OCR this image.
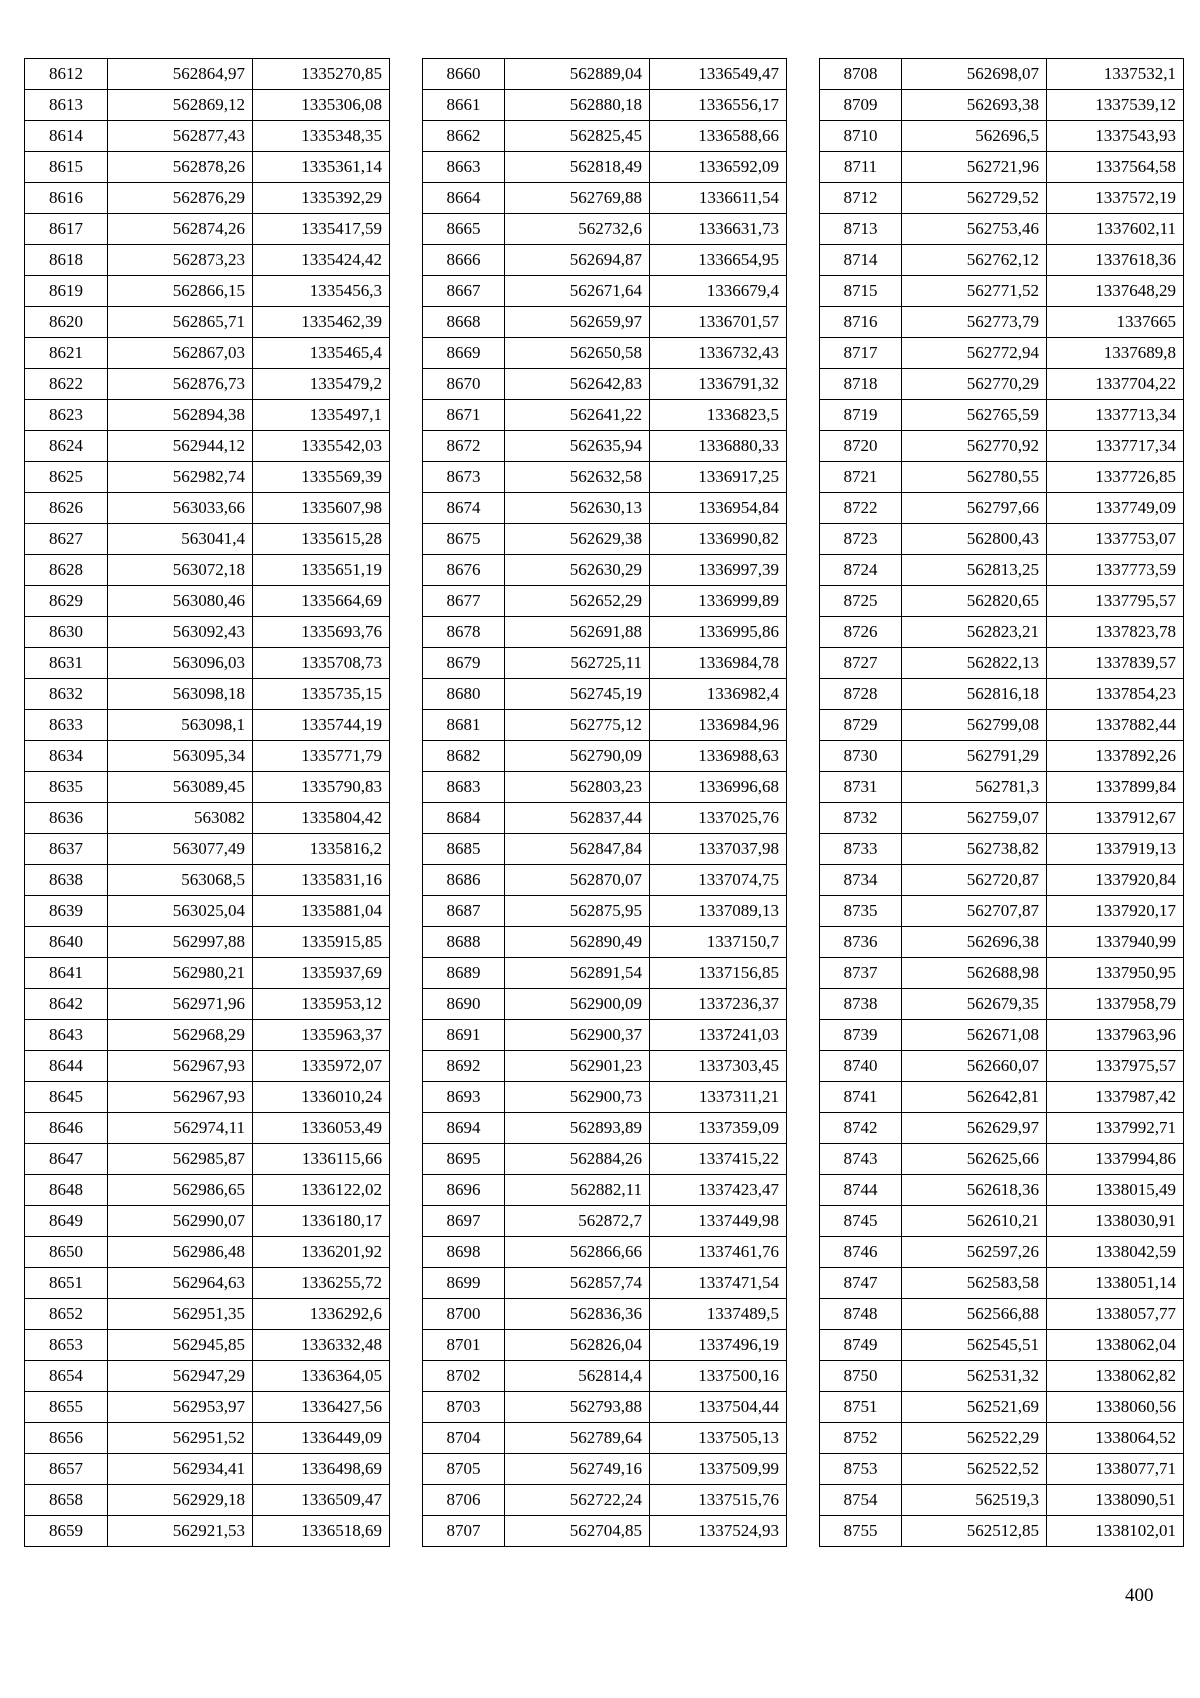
8612	562864,97	1335270,85
8613	562869,12	1335306,08
8614	562877,43	1335348,35
8615	562878,26	1335361,14
8616	562876,29	1335392,29
8617	562874,26	1335417,59
8618	562873,23	1335424,42
8619	562866,15	1335456,3
8620	562865,71	1335462,39
8621	562867,03	1335465,4
8622	562876,73	1335479,2
8623	562894,38	1335497,1
8624	562944,12	1335542,03
8625	562982,74	1335569,39
8626	563033,66	1335607,98
8627	563041,4	1335615,28
8628	563072,18	1335651,19
8629	563080,46	1335664,69
8630	563092,43	1335693,76
8631	563096,03	1335708,73
8632	563098,18	1335735,15
8633	563098,1	1335744,19
8634	563095,34	1335771,79
8635	563089,45	1335790,83
8636	563082	1335804,42
8637	563077,49	1335816,2
8638	563068,5	1335831,16
8639	563025,04	1335881,04
8640	562997,88	1335915,85
8641	562980,21	1335937,69
8642	562971,96	1335953,12
8643	562968,29	1335963,37
8644	562967,93	1335972,07
8645	562967,93	1336010,24
8646	562974,11	1336053,49
8647	562985,87	1336115,66
8648	562986,65	1336122,02
8649	562990,07	1336180,17
8650	562986,48	1336201,92
8651	562964,63	1336255,72
8652	562951,35	1336292,6
8653	562945,85	1336332,48
8654	562947,29	1336364,05
8655	562953,97	1336427,56
8656	562951,52	1336449,09
8657	562934,41	1336498,69
8658	562929,18	1336509,47
8659	562921,53	1336518,69
8660	562889,04	1336549,47
8661	562880,18	1336556,17
8662	562825,45	1336588,66
8663	562818,49	1336592,09
8664	562769,88	1336611,54
8665	562732,6	1336631,73
8666	562694,87	1336654,95
8667	562671,64	1336679,4
8668	562659,97	1336701,57
8669	562650,58	1336732,43
8670	562642,83	1336791,32
8671	562641,22	1336823,5
8672	562635,94	1336880,33
8673	562632,58	1336917,25
8674	562630,13	1336954,84
8675	562629,38	1336990,82
8676	562630,29	1336997,39
8677	562652,29	1336999,89
8678	562691,88	1336995,86
8679	562725,11	1336984,78
8680	562745,19	1336982,4
8681	562775,12	1336984,96
8682	562790,09	1336988,63
8683	562803,23	1336996,68
8684	562837,44	1337025,76
8685	562847,84	1337037,98
8686	562870,07	1337074,75
8687	562875,95	1337089,13
8688	562890,49	1337150,7
8689	562891,54	1337156,85
8690	562900,09	1337236,37
8691	562900,37	1337241,03
8692	562901,23	1337303,45
8693	562900,73	1337311,21
8694	562893,89	1337359,09
8695	562884,26	1337415,22
8696	562882,11	1337423,47
8697	562872,7	1337449,98
8698	562866,66	1337461,76
8699	562857,74	1337471,54
8700	562836,36	1337489,5
8701	562826,04	1337496,19
8702	562814,4	1337500,16
8703	562793,88	1337504,44
8704	562789,64	1337505,13
8705	562749,16	1337509,99
8706	562722,24	1337515,76
8707	562704,85	1337524,93
8708	562698,07	1337532,1
8709	562693,38	1337539,12
8710	562696,5	1337543,93
8711	562721,96	1337564,58
8712	562729,52	1337572,19
8713	562753,46	1337602,11
8714	562762,12	1337618,36
8715	562771,52	1337648,29
8716	562773,79	1337665
8717	562772,94	1337689,8
8718	562770,29	1337704,22
8719	562765,59	1337713,34
8720	562770,92	1337717,34
8721	562780,55	1337726,85
8722	562797,66	1337749,09
8723	562800,43	1337753,07
8724	562813,25	1337773,59
8725	562820,65	1337795,57
8726	562823,21	1337823,78
8727	562822,13	1337839,57
8728	562816,18	1337854,23
8729	562799,08	1337882,44
8730	562791,29	1337892,26
8731	562781,3	1337899,84
8732	562759,07	1337912,67
8733	562738,82	1337919,13
8734	562720,87	1337920,84
8735	562707,87	1337920,17
8736	562696,38	1337940,99
8737	562688,98	1337950,95
8738	562679,35	1337958,79
8739	562671,08	1337963,96
8740	562660,07	1337975,57
8741	562642,81	1337987,42
8742	562629,97	1337992,71
8743	562625,66	1337994,86
8744	562618,36	1338015,49
8745	562610,21	1338030,91
8746	562597,26	1338042,59
8747	562583,58	1338051,14
8748	562566,88	1338057,77
8749	562545,51	1338062,04
8750	562531,32	1338062,82
8751	562521,69	1338060,56
8752	562522,29	1338064,52
8753	562522,52	1338077,71
8754	562519,3	1338090,51
8755	562512,85	1338102,01
400
